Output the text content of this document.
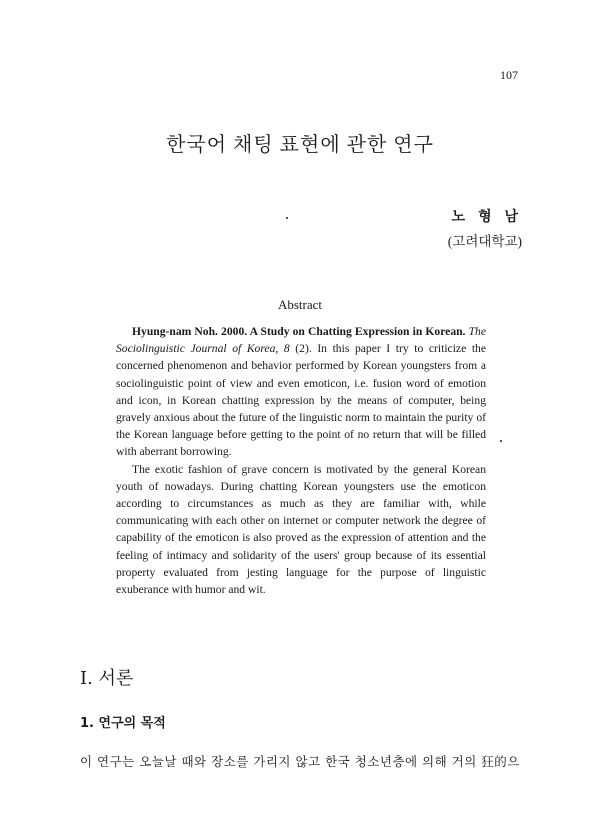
107
한국어 채팅 표현에 관한 연구
노 형 남
(고려대학교)
Abstract

Hyung-nam Noh. 2000. A Study on Chatting Expression in Korean. The Sociolinguistic Journal of Korea, 8 (2). In this paper I try to criticize the concerned phenomenon and behavior performed by Korean youngsters from a sociolinguistic point of view and even emoticon, i.e. fusion word of emotion and icon, in Korean chatting expression by the means of computer, being gravely anxious about the future of the linguistic norm to maintain the purity of the Korean language before getting to the point of no return that will be filled with aberrant borrowing.

The exotic fashion of grave concern is motivated by the general Korean youth of nowadays. During chatting Korean youngsters use the emoticon according to circumstances as much as they are familiar with, while communicating with each other on internet or computer network the degree of capability of the emoticon is also proved as the expression of attention and the feeling of intimacy and solidarity of the users' group because of its essential property evaluated from jesting language for the purpose of linguistic exuberance with humor and wit.

I. 서론
1. 연구의 목적
이 연구는 오늘날 때와 장소를 가리지 않고 한국 청소년층에 의해 거의 狂的으
